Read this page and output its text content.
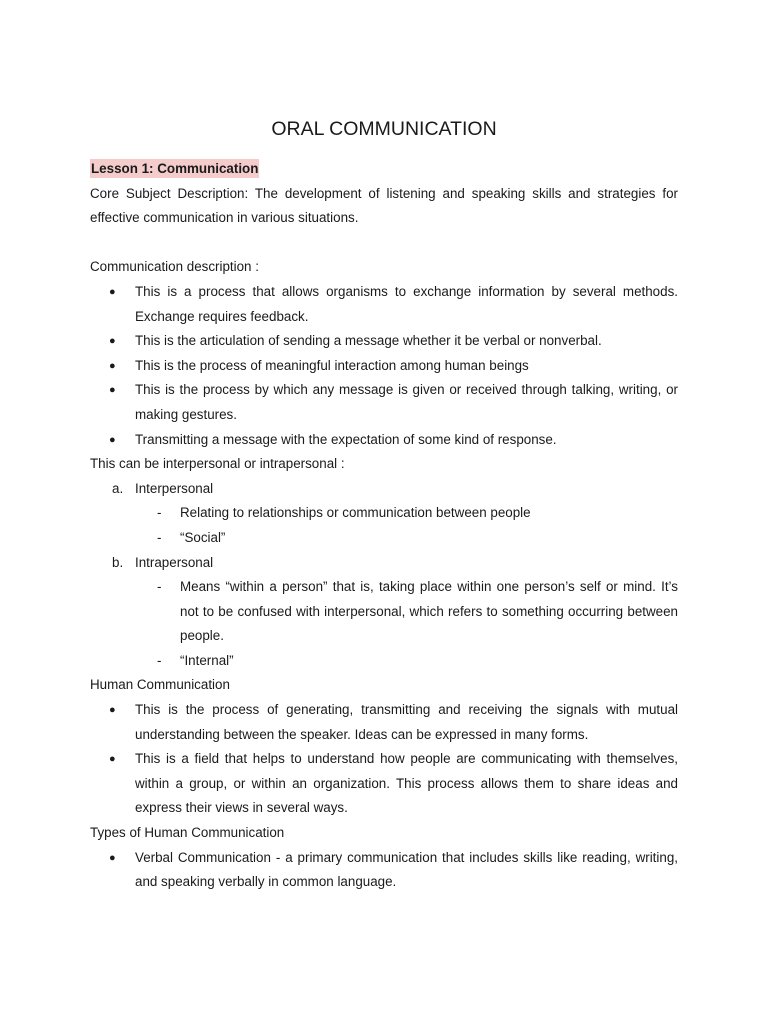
ORAL COMMUNICATION
Lesson 1: Communication

Core Subject Description: The development of listening and speaking skills and strategies for effective communication in various situations.

Communication description :

● This is a process that allows organisms to exchange information by several methods. Exchange requires feedback.
● This is the articulation of sending a message whether it be verbal or nonverbal.
● This is the process of meaningful interaction among human beings
● This is the process by which any message is given or received through talking, writing, or making gestures.
● Transmitting a message with the expectation of some kind of response.

This can be interpersonal or intrapersonal :

a. Interpersonal
- Relating to relationships or communication between people
- “Social”
b. Intrapersonal
- Means “within a person” that is, taking place within one person’s self or mind. It’s not to be confused with interpersonal, which refers to something occurring between people.
- “Internal”

Human Communication

● This is the process of generating, transmitting and receiving the signals with mutual understanding between the speaker. Ideas can be expressed in many forms.
● This is a field that helps to understand how people are communicating with themselves, within a group, or within an organization. This process allows them to share ideas and express their views in several ways.

Types of Human Communication

● Verbal Communication - a primary communication that includes skills like reading, writing, and speaking verbally in common language.
